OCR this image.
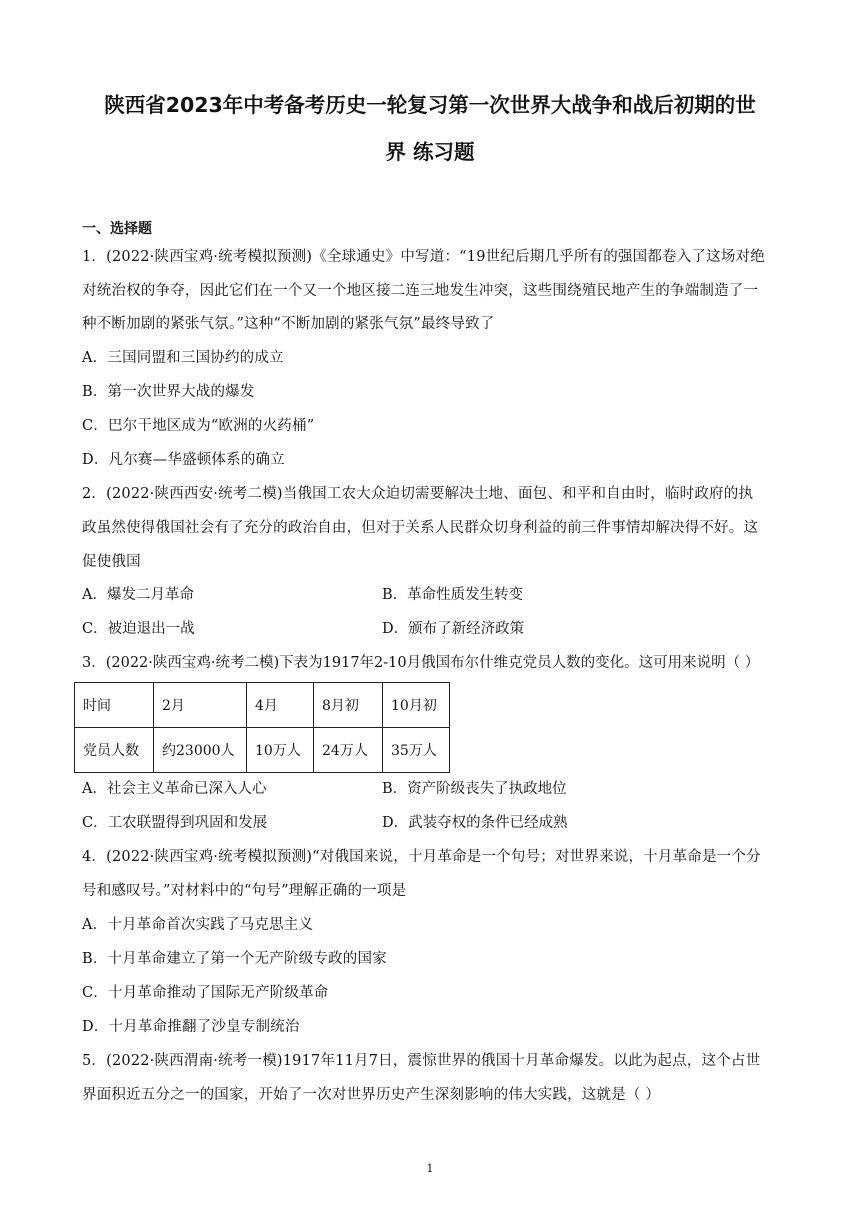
陕西省2023年中考备考历史一轮复习第一次世界大战争和战后初期的世
界 练习题
一、选择题
1．(2022·陕西宝鸡·统考模拟预测)《全球通史》中写道：“19世纪后期几乎所有的强国都卷入了这场对绝
对统治权的争夺，因此它们在一个又一个地区接二连三地发生冲突，这些围绕殖民地产生的争端制造了一
种不断加剧的紧张气氛。”这种“不断加剧的紧张气氛”最终导致了
A．三国同盟和三国协约的成立
B．第一次世界大战的爆发
C．巴尔干地区成为“欧洲的火药桶”
D．凡尔赛—华盛顿体系的确立
2．(2022·陕西西安·统考二模)当俄国工农大众迫切需要解决土地、面包、和平和自由时，临时政府的执
政虽然使得俄国社会有了充分的政治自由，但对于关系人民群众切身利益的前三件事情却解决得不好。这
促使俄国
A．爆发二月革命	B．革命性质发生转变
C．被迫退出一战	D．颁布了新经济政策
3．(2022·陕西宝鸡·统考二模)下表为1917年2-10月俄国布尔什维克党员人数的变化。这可用来说明（ ）
时间	2月	4月	8月初	10月初
党员人数	约23000人	10万人	24万人	35万人
A．社会主义革命已深入人心	B．资产阶级丧失了执政地位
C．工农联盟得到巩固和发展	D．武装夺权的条件已经成熟
4．(2022·陕西宝鸡·统考模拟预测)“对俄国来说，十月革命是一个句号；对世界来说，十月革命是一个分
号和感叹号。”对材料中的“句号”理解正确的一项是
A．十月革命首次实践了马克思主义
B．十月革命建立了第一个无产阶级专政的国家
C．十月革命推动了国际无产阶级革命
D．十月革命推翻了沙皇专制统治
5．(2022·陕西渭南·统考一模)1917年11月7日，震惊世界的俄国十月革命爆发。以此为起点，这个占世
界面积近五分之一的国家，开始了一次对世界历史产生深刻影响的伟大实践，这就是（ ）
1
